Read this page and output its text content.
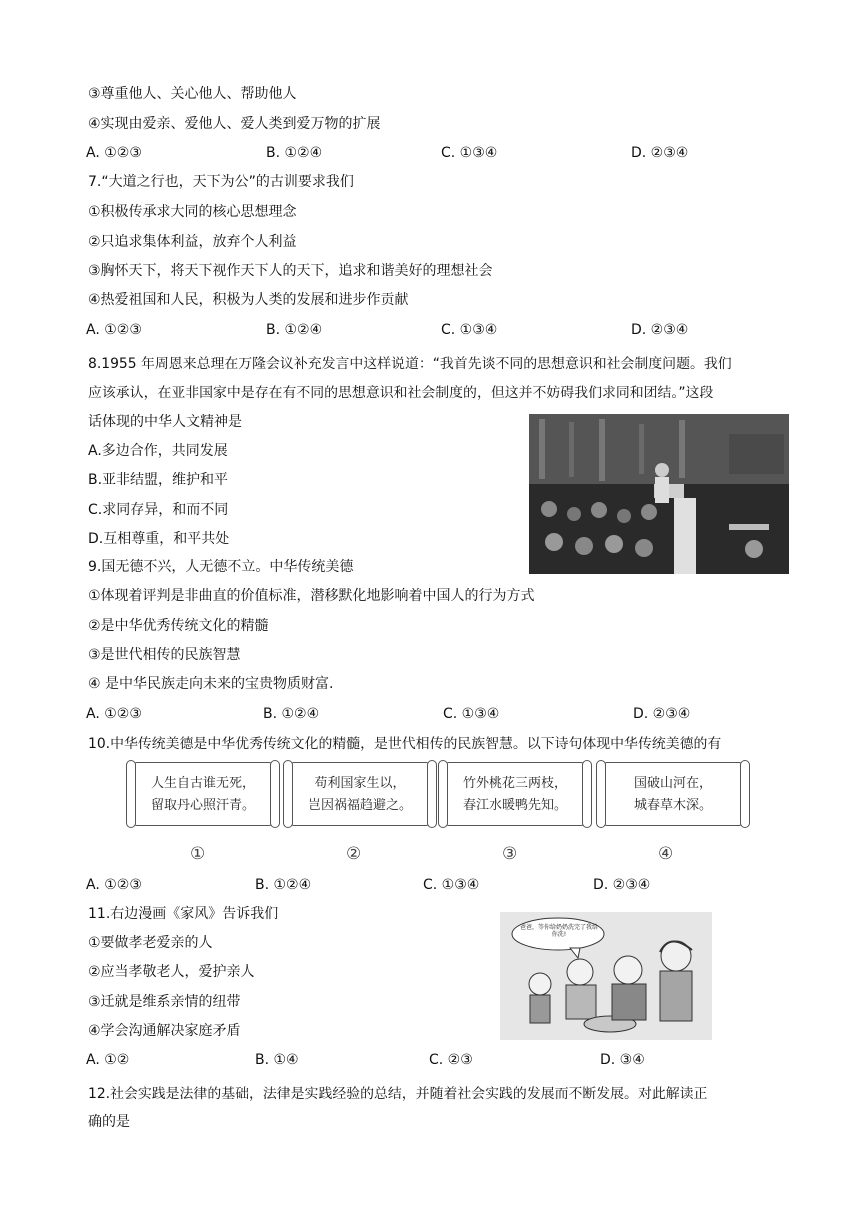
③尊重他人、关心他人、帮助他人
④实现由爱亲、爱他人、爱人类到爱万物的扩展
A. ①②③	B. ①②④	C. ①③④	D. ②③④
7.“大道之行也，天下为公”的古训要求我们
①积极传承求大同的核心思想理念
②只追求集体利益，放弃个人利益
③胸怀天下，将天下视作天下人的天下，追求和谐美好的理想社会
④热爱祖国和人民，积极为人类的发展和进步作贡献
A. ①②③	B. ①②④	C. ①③④	D. ②③④
8.1955 年周恩来总理在万隆会议补充发言中这样说道：“我首先谈不同的思想意识和社会制度问题。我们
应该承认，在亚非国家中是存在有不同的思想意识和社会制度的，但这并不妨碍我们求同和团结。”这段
话体现的中华人文精神是
A.多边合作，共同发展
B.亚非结盟，维护和平
C.求同存异，和而不同
D.互相尊重，和平共处
9.国无德不兴，人无德不立。中华传统美德
①体现着评判是非曲直的价值标准，潜移默化地影响着中国人的行为方式
②是中华优秀传统文化的精髓
③是世代相传的民族智慧
④ 是中华民族走向未来的宝贵物质财富.
A. ①②③	B. ①②④	C. ①③④	D. ②③④
10.中华传统美德是中华优秀传统文化的精髓，是世代相传的民族智慧。以下诗句体现中华传统美德的有
人生自古谁无死，
留取丹心照汗青。
苟利国家生以，
岂因祸福趋避之。
竹外桃花三两枝，
春江水暖鸭先知。
国破山河在，
城春草木深。
①	②	③	④
A. ①②③	B. ①②④	C. ①③④	D. ②③④
11.右边漫画《家风》告诉我们
①要做孝老爱亲的人
②应当孝敬老人，爱护亲人
③迁就是维系亲情的纽带
④学会沟通解决家庭矛盾
爸爸，等你给奶奶洗完了我给你洗!
A. ①②	B. ①④	C. ②③	D. ③④
12.社会实践是法律的基础，法律是实践经验的总结，并随着社会实践的发展而不断发展。对此解读正
确的是
